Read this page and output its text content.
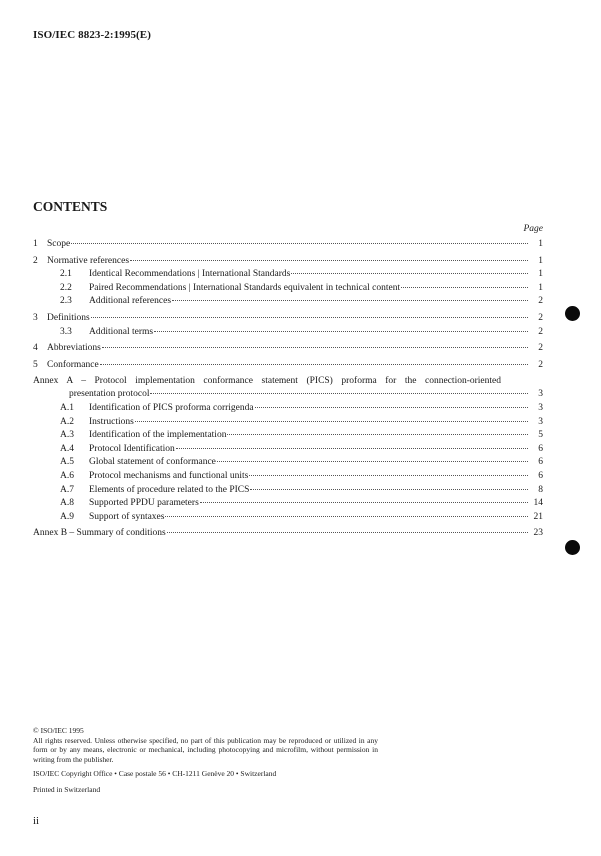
ISO/IEC 8823-2:1995(E)
CONTENTS
Page
1 Scope	1
2 Normative references	1
2.1 Identical Recommendations | International Standards	1
2.2 Paired Recommendations | International Standards equivalent in technical content	1
2.3 Additional references	2
3 Definitions	2
3.3 Additional terms	2
4 Abbreviations	2
5 Conformance	2
Annex A – Protocol implementation conformance statement (PICS) proforma for the connection-oriented
presentation protocol	3
A.1 Identification of PICS proforma corrigenda	3
A.2 Instructions	3
A.3 Identification of the implementation	5
A.4 Protocol Identification	6
A.5 Global statement of conformance	6
A.6 Protocol mechanisms and functional units	6
A.7 Elements of procedure related to the PICS	8
A.8 Supported PPDU parameters	14
A.9 Support of syntaxes	21
Annex B – Summary of conditions	23

© ISO/IEC 1995

All rights reserved. Unless otherwise specified, no part of this publication may be reproduced or utilized in any form or by any means, electronic or mechanical, including photocopying and microfilm, without permission in writing from the publisher.

ISO/IEC Copyright Office • Case postale 56 • CH-1211 Genève 20 • Switzerland

Printed in Switzerland

ii
